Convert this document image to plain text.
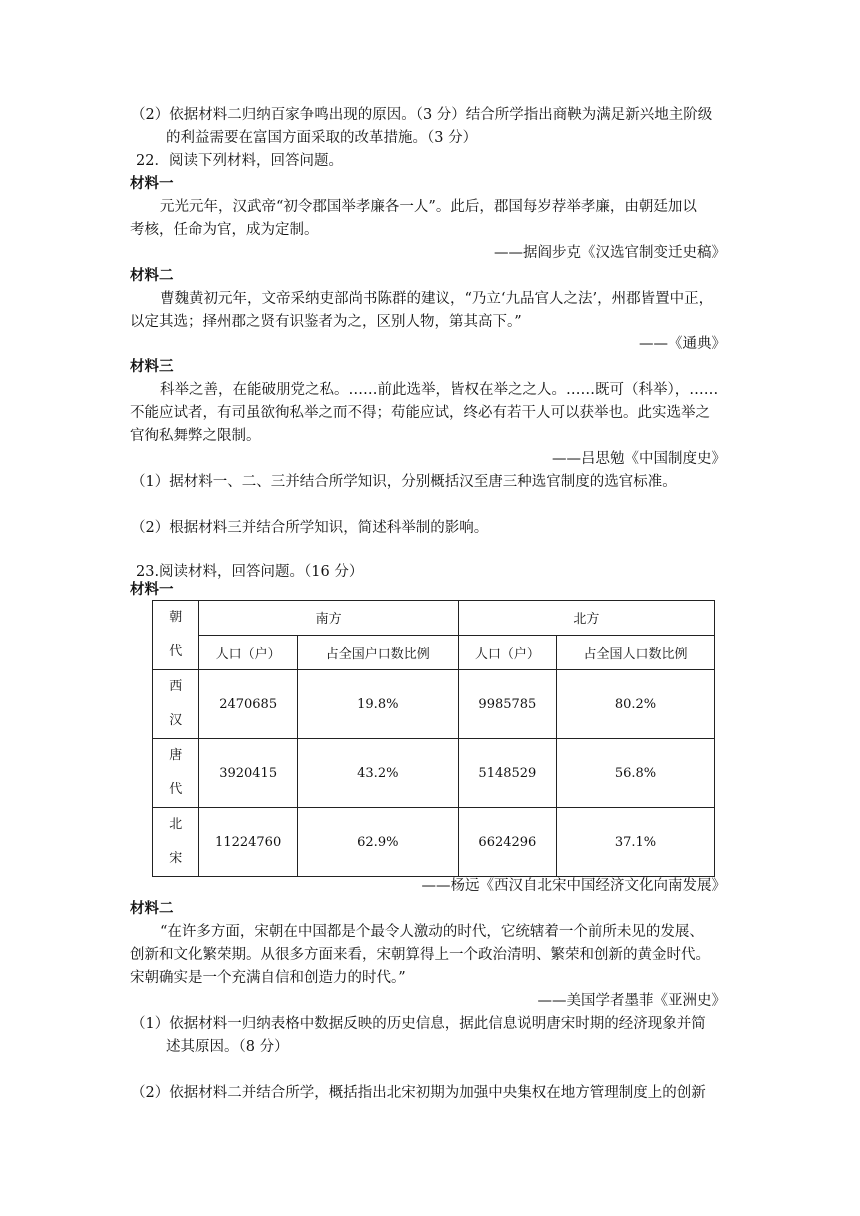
（2）依据材料二归纳百家争鸣出现的原因。（3 分）结合所学指出商鞅为满足新兴地主阶级
的利益需要在富国方面采取的改革措施。（3 分）
22．阅读下列材料，回答问题。
材料一
元光元年，汉武帝“初令郡国举孝廉各一人”。此后，郡国每岁荐举孝廉，由朝廷加以
考核，任命为官，成为定制。
——据阎步克《汉选官制变迁史稿》
材料二
曹魏黄初元年，文帝采纳吏部尚书陈群的建议，“乃立‘九品官人之法’，州郡皆置中正，
以定其选；择州郡之贤有识鉴者为之，区别人物，第其高下。”
——《通典》
材料三
科举之善，在能破朋党之私。……前此选举，皆权在举之之人。……既可（科举），……
不能应试者，有司虽欲徇私举之而不得；苟能应试，终必有若干人可以获举也。此实选举之
官徇私舞弊之限制。
——吕思勉《中国制度史》
（1）据材料一、二、三并结合所学知识，分别概括汉至唐三种选官制度的选官标准。
（2）根据材料三并结合所学知识，简述科举制的影响。
23.阅读材料，回答问题。（16 分）
材料一
朝
代	南方		北方	
	人口（户）	占全国户口数比例	人口（户）	占全国人口数比例

西
汉	2470685	19.8%	9985785	80.2%

唐
代	3920415	43.2%	5148529	56.8%

北
宋	11224760	62.9%	6624296	37.1%
——杨远《西汉自北宋中国经济文化向南发展》
材料二
“在许多方面，宋朝在中国都是个最令人激动的时代，它统辖着一个前所未见的发展、
创新和文化繁荣期。从很多方面来看，宋朝算得上一个政治清明、繁荣和创新的黄金时代。
宋朝确实是一个充满自信和创造力的时代。”
——美国学者墨菲《亚洲史》
（1）依据材料一归纳表格中数据反映的历史信息，据此信息说明唐宋时期的经济现象并简
述其原因。（8 分）
（2）依据材料二并结合所学，概括指出北宋初期为加强中央集权在地方管理制度上的创新
